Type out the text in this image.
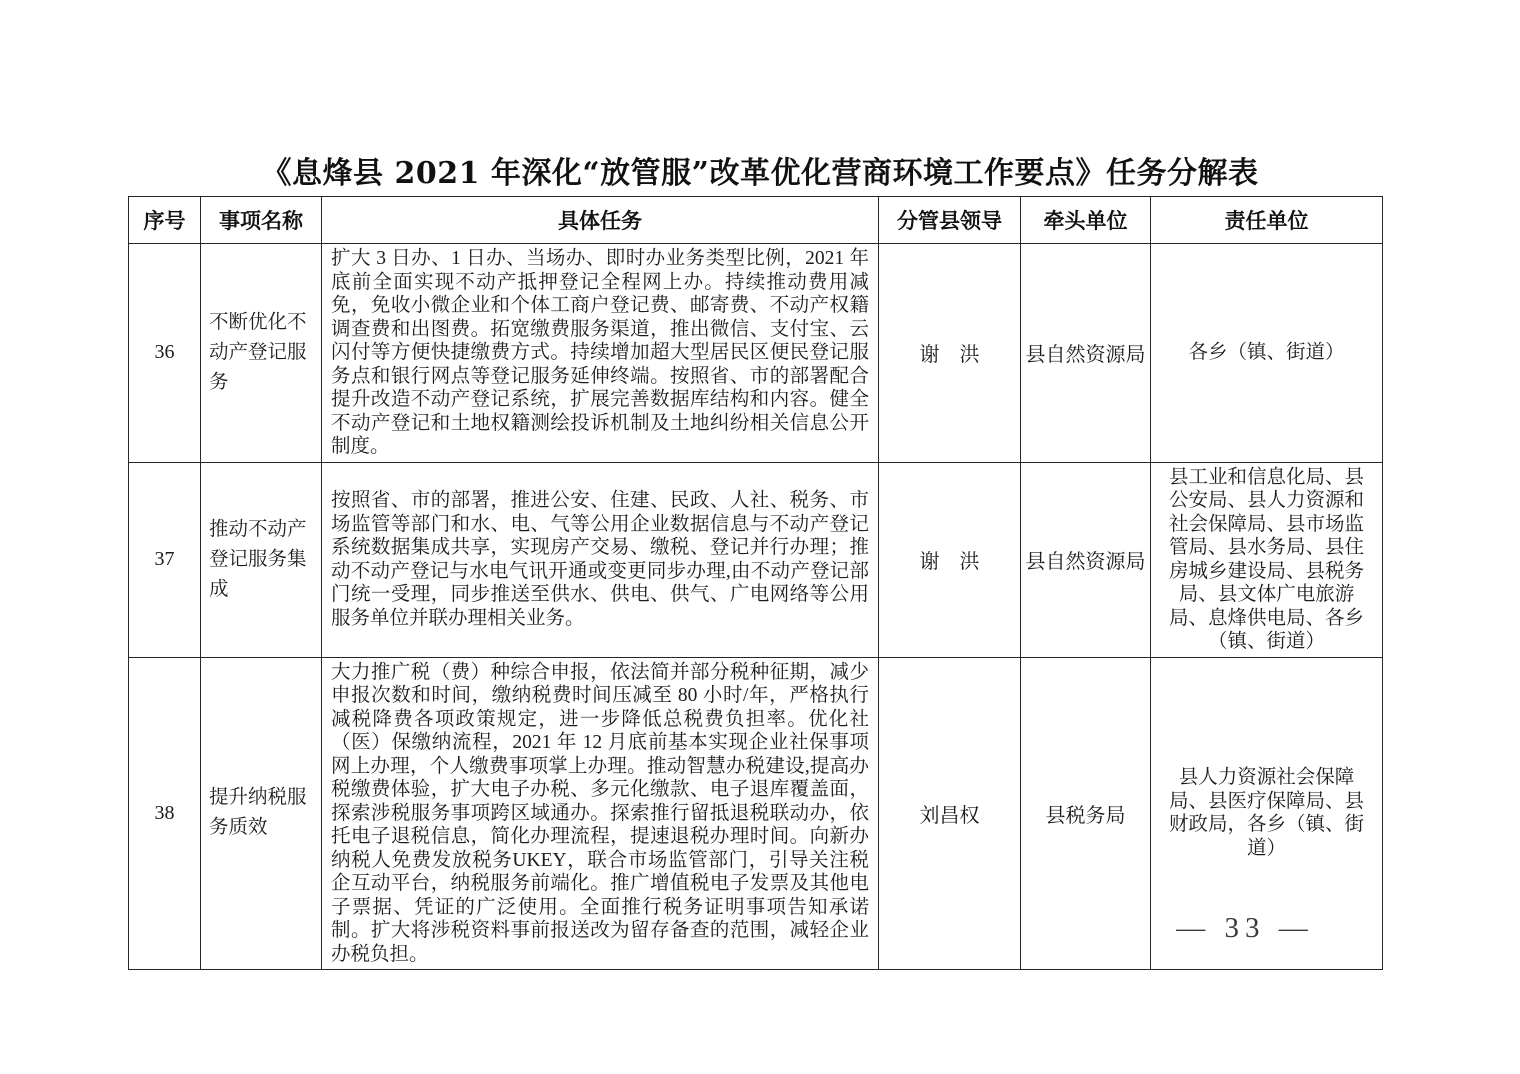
《息烽县 2021 年深化“放管服”改革优化营商环境工作要点》任务分解表
序号	事项名称	具体任务	分管县领导	牵头单位	责任单位
36	不断优化不动产登记服务	扩大 3 日办、1 日办、当场办、即时办业务类型比例，2021 年底前全面实现不动产抵押登记全程网上办。持续推动费用减免，免收小微企业和个体工商户登记费、邮寄费、不动产权籍调查费和出图费。拓宽缴费服务渠道，推出微信、支付宝、云闪付等方便快捷缴费方式。持续增加超大型居民区便民登记服务点和银行网点等登记服务延伸终端。按照省、市的部署配合提升改造不动产登记系统，扩展完善数据库结构和内容。健全不动产登记和土地权籍测绘投诉机制及土地纠纷相关信息公开制度。	谢　洪	县自然资源局	各乡（镇、街道）
37	推动不动产登记服务集成	按照省、市的部署，推进公安、住建、民政、人社、税务、市场监管等部门和水、电、气等公用企业数据信息与不动产登记系统数据集成共享，实现房产交易、缴税、登记并行办理；推动不动产登记与水电气讯开通或变更同步办理,由不动产登记部门统一受理，同步推送至供水、供电、供气、广电网络等公用服务单位并联办理相关业务。	谢　洪	县自然资源局	县工业和信息化局、县公安局、县人力资源和社会保障局、县市场监管局、县水务局、县住房城乡建设局、县税务局、县文体广电旅游局、息烽供电局、各乡（镇、街道）
38	提升纳税服务质效	大力推广税（费）种综合申报，依法简并部分税种征期，减少申报次数和时间，缴纳税费时间压减至 80 小时/年，严格执行减税降费各项政策规定，进一步降低总税费负担率。优化社（医）保缴纳流程，2021 年 12 月底前基本实现企业社保事项网上办理，个人缴费事项掌上办理。推动智慧办税建设,提高办税缴费体验，扩大电子办税、多元化缴款、电子退库覆盖面，探索涉税服务事项跨区域通办。探索推行留抵退税联动办，依托电子退税信息，简化办理流程，提速退税办理时间。向新办纳税人免费发放税务UKEY，联合市场监管部门，引导关注税企互动平台，纳税服务前端化。推广增值税电子发票及其他电子票据、凭证的广泛使用。全面推行税务证明事项告知承诺制。扩大将涉税资料事前报送改为留存备查的范围，减轻企业办税负担。	刘昌权	县税务局	县人力资源社会保障局、县医疗保障局、县财政局，各乡（镇、街道）
— 33 —
